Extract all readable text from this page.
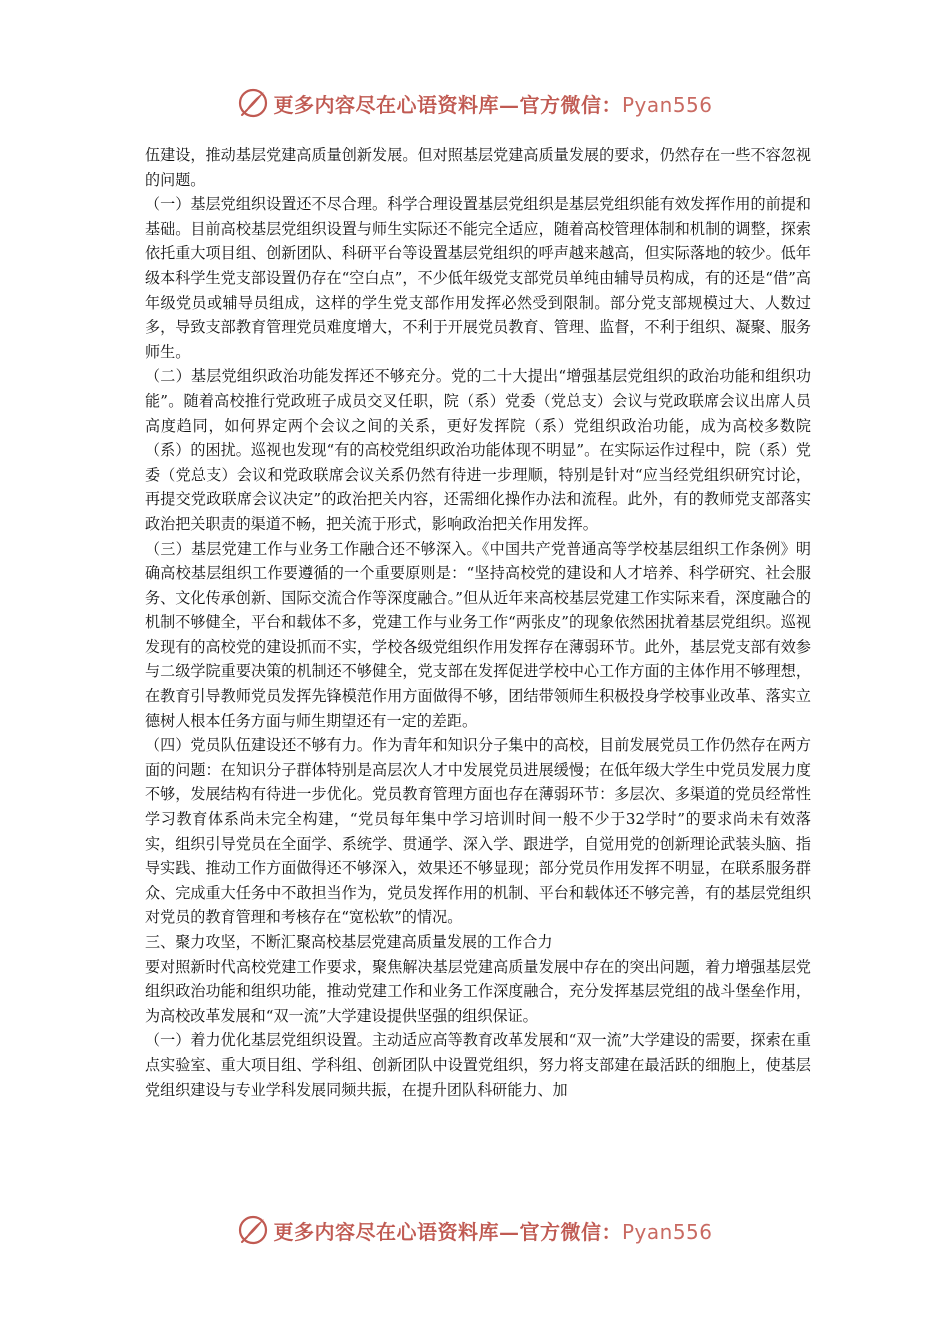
更多内容尽在心语资料库—官方微信：Pyan556

伍建设，推动基层党建高质量创新发展。但对照基层党建高质量发展的要求，仍然存在一些不容忽视的问题。

（一）基层党组织设置还不尽合理。科学合理设置基层党组织是基层党组织能有效发挥作用的前提和基础。目前高校基层党组织设置与师生实际还不能完全适应，随着高校管理体制和机制的调整，探索依托重大项目组、创新团队、科研平台等设置基层党组织的呼声越来越高，但实际落地的较少。低年级本科学生党支部设置仍存在“空白点”，不少低年级党支部党员单纯由辅导员构成，有的还是“借”高年级党员或辅导员组成，这样的学生党支部作用发挥必然受到限制。部分党支部规模过大、人数过多，导致支部教育管理党员难度增大，不利于开展党员教育、管理、监督，不利于组织、凝聚、服务师生。

（二）基层党组织政治功能发挥还不够充分。党的二十大提出“增强基层党组织的政治功能和组织功能”。随着高校推行党政班子成员交叉任职，院（系）党委（党总支）会议与党政联席会议出席人员高度趋同，如何界定两个会议之间的关系，更好发挥院（系）党组织政治功能，成为高校多数院（系）的困扰。巡视也发现“有的高校党组织政治功能体现不明显”。在实际运作过程中，院（系）党委（党总支）会议和党政联席会议关系仍然有待进一步理顺，特别是针对“应当经党组织研究讨论，再提交党政联席会议决定”的政治把关内容，还需细化操作办法和流程。此外，有的教师党支部落实政治把关职责的渠道不畅，把关流于形式，影响政治把关作用发挥。

（三）基层党建工作与业务工作融合还不够深入。《中国共产党普通高等学校基层组织工作条例》明确高校基层组织工作要遵循的一个重要原则是：“坚持高校党的建设和人才培养、科学研究、社会服务、文化传承创新、国际交流合作等深度融合。”但从近年来高校基层党建工作实际来看，深度融合的机制不够健全，平台和载体不多，党建工作与业务工作“两张皮”的现象依然困扰着基层党组织。巡视发现有的高校党的建设抓而不实，学校各级党组织作用发挥存在薄弱环节。此外，基层党支部有效参与二级学院重要决策的机制还不够健全，党支部在发挥促进学校中心工作方面的主体作用不够理想，在教育引导教师党员发挥先锋模范作用方面做得不够，团结带领师生积极投身学校事业改革、落实立德树人根本任务方面与师生期望还有一定的差距。

（四）党员队伍建设还不够有力。作为青年和知识分子集中的高校，目前发展党员工作仍然存在两方面的问题：在知识分子群体特别是高层次人才中发展党员进展缓慢；在低年级大学生中党员发展力度不够，发展结构有待进一步优化。党员教育管理方面也存在薄弱环节：多层次、多渠道的党员经常性学习教育体系尚未完全构建，“党员每年集中学习培训时间一般不少于32学时”的要求尚未有效落实，组织引导党员在全面学、系统学、贯通学、深入学、跟进学，自觉用党的创新理论武装头脑、指导实践、推动工作方面做得还不够深入，效果还不够显现；部分党员作用发挥不明显，在联系服务群众、完成重大任务中不敢担当作为，党员发挥作用的机制、平台和载体还不够完善，有的基层党组织对党员的教育管理和考核存在“宽松软”的情况。

三、聚力攻坚，不断汇聚高校基层党建高质量发展的工作合力

要对照新时代高校党建工作要求，聚焦解决基层党建高质量发展中存在的突出问题，着力增强基层党组织政治功能和组织功能，推动党建工作和业务工作深度融合，充分发挥基层党组的战斗堡垒作用，为高校改革发展和“双一流”大学建设提供坚强的组织保证。

（一）着力优化基层党组织设置。主动适应高等教育改革发展和“双一流”大学建设的需要，探索在重点实验室、重大项目组、学科组、创新团队中设置党组织，努力将支部建在最活跃的细胞上，使基层党组织建设与专业学科发展同频共振，在提升团队科研能力、加

更多内容尽在心语资料库—官方微信：Pyan556
